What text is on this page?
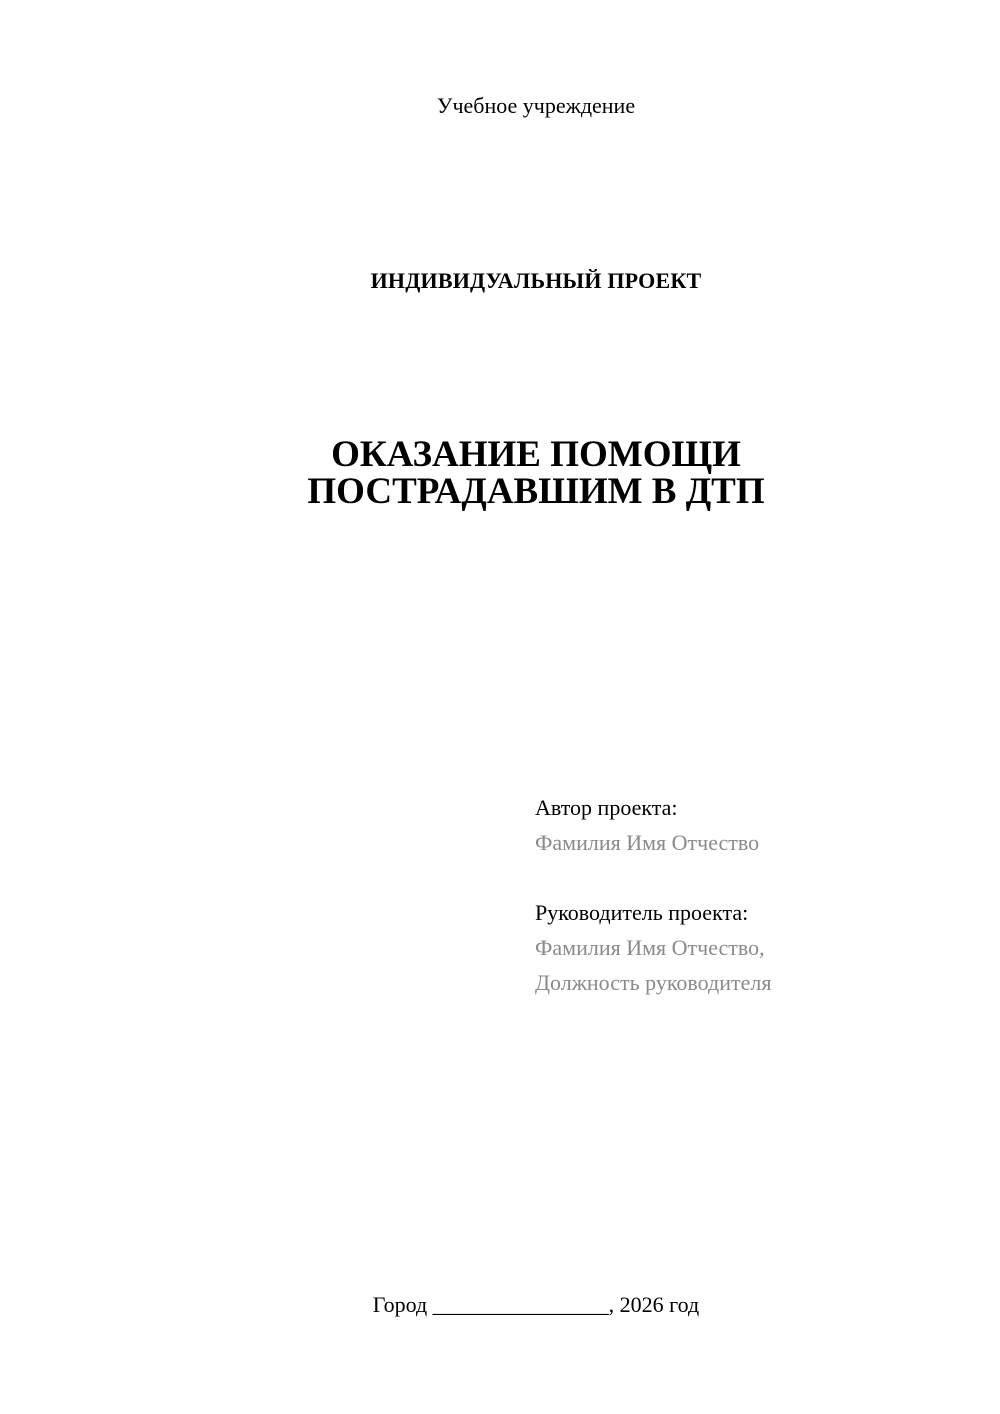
Учебное учреждение
ИНДИВИДУАЛЬНЫЙ ПРОЕКТ
ОКАЗАНИЕ ПОМОЩИ
ПОСТРАДАВШИМ В ДТП
Автор проекта:
Фамилия Имя Отчество
Руководитель проекта:
Фамилия Имя Отчество,
Должность руководителя
Город ________________, 2026 год
